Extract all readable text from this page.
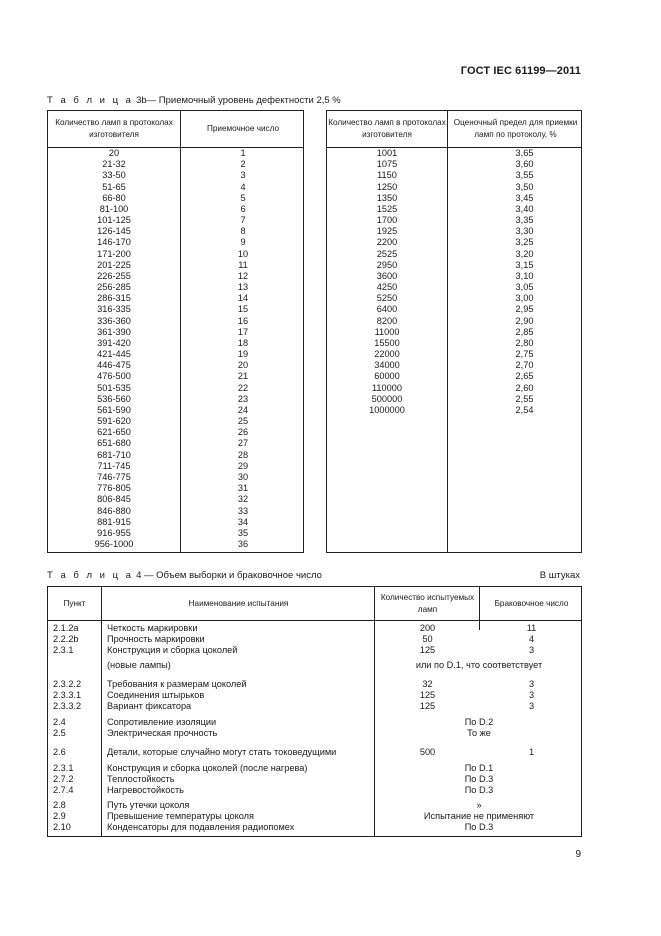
ГОСТ IEC 61199—2011
Т а б л и ц а 3b— Приемочный уровень дефектности 2,5 %
Количество ламп в протоколах изготовителя
Приемочное число
20	1
21-32	2
33-50	3
51-65	4
66-80	5
81-100	6
101-125	7
126-145	8
146-170	9
171-200	10
201-225	11
226-255	12
256-285	13
286-315	14
316-335	15
336-360	16
361-390	17
391-420	18
421-445	19
446-475	20
476-500	21
501-535	22
536-560	23
561-590	24
591-620	25
621-650	26
651-680	27
681-710	28
711-745	29
746-775	30
776-805	31
806-845	32
846-880	33
881-915	34
916-955	35
956-1000	36
Количество ламп в протоколах изготовителя
Оценочный предел для приемки ламп по протоколу, %
1001	3,65
1075	3,60
1150	3,55
1250	3,50
1350	3,45
1525	3,40
1700	3,35
1925	3,30
2200	3,25
2525	3,20
2950	3,15
3600	3,10
4250	3,05
5250	3,00
6400	2,95
8200	2,90
11000	2,85
15500	2,80
22000	2,75
34000	2,70
60000	2,65
110000	2,60
500000	2,55
1000000	2,54
Т а б л и ц а 4 — Объем выборки и браковочное число	В штуках
Пункт	Наименование испытания
Количество испытуемых ламп
Браковочное число
2.1.2a	Четкость маркировки	200	11
2.2.2b	Прочность маркировки	50	4
2.3.1	Конструкция и сборка цоколей	125	3
(новые лампы)	или по D.1, что соответствует
2.3.2.2	Требования к размерам цоколей	32	3
2.3.3.1	Соединения штырьков	125	3
2.3.3.2	Вариант фиксатора	125	3
2.4	Сопротивление изоляции	По D.2
2.5	Электрическая прочность	То же
2.6	Детали, которые случайно могут стать токоведущими	500	1
2.3.1	Конструкция и сборка цоколей (после нагрева)	По D.1
2.7.2	Теплостойкость	По D.3
2.7.4	Нагревостойкость	По D.3
2.8	Путь утечки цоколя	»
2.9	Превышение температуры цоколя	Испытание не применяют
2.10	Конденсаторы для подавления радиопомех	По D.3
9
